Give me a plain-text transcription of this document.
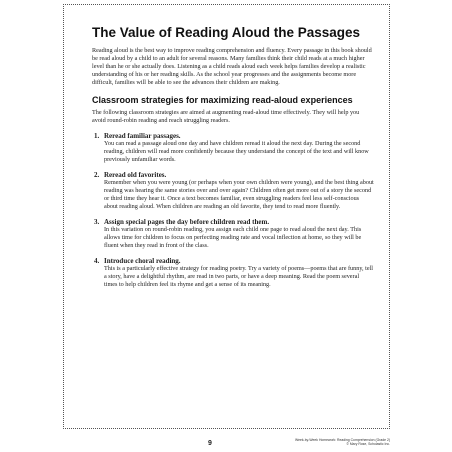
The Value of Reading Aloud the Passages

Reading aloud is the best way to improve reading comprehension and fluency. Every passage in this book should be read aloud by a child to an adult for several reasons. Many families think their child reads at a much higher level than he or she actually does. Listening as a child reads aloud each week helps families develop a realistic understanding of his or her reading skills. As the school year progresses and the assignments become more difficult, families will be able to see the advances their children are making.

Classroom strategies for maximizing read-aloud experiences

The following classroom strategies are aimed at augmenting read-aloud time effectively. They will help you avoid round-robin reading and reach struggling readers.

1. Reread familiar passages.

You can read a passage aloud one day and have children reread it aloud the next day. During the second reading, children will read more confidently because they understand the concept of the text and will know previously unfamiliar words.

2. Reread old favorites.

Remember when you were young (or perhaps when your own children were young), and the best thing about reading was hearing the same stories over and over again? Children often get more out of a story the second or third time they hear it. Once a text becomes familiar, even struggling readers feel less self-conscious about reading aloud. When children are reading an old favorite, they tend to read more fluently.

3. Assign special pages the day before children read them.

In this variation on round-robin reading, you assign each child one page to read aloud the next day. This allows time for children to focus on perfecting reading rate and vocal inflection at home, so they will be fluent when they read in front of the class.

4. Introduce choral reading.

This is a particularly effective strategy for reading poetry. Try a variety of poems—poems that are funny, tell a story, have a delightful rhythm, are read in two parts, or have a deep meaning. Read the poem several times to help children feel its rhyme and get a sense of its meaning.

9	Week-by-Week Homework: Reading Comprehension (Grade 2)
© Mary Rose, Scholastic Inc.
